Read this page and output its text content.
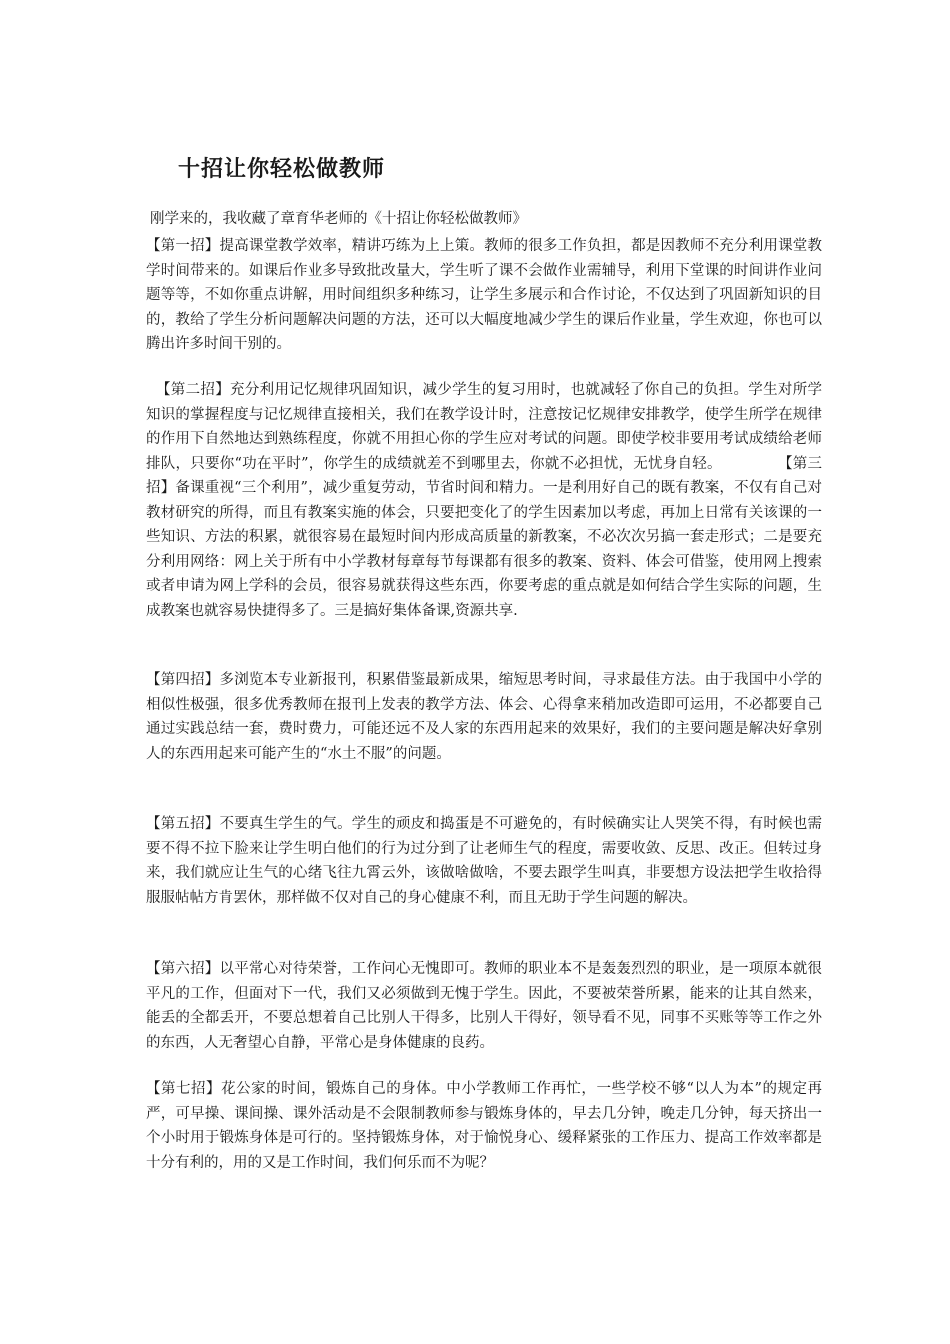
十招让你轻松做教师

刚学来的，我收藏了章育华老师的《十招让你轻松做教师》

【第一招】提高课堂教学效率，精讲巧练为上上策。教师的很多工作负担，都是因教师不充分利用课堂教学时间带来的。如课后作业多导致批改量大，学生听了课不会做作业需辅导，利用下堂课的时间讲作业问题等等，不如你重点讲解，用时间组织多种练习，让学生多展示和合作讨论，不仅达到了巩固新知识的目的，教给了学生分析问题解决问题的方法，还可以大幅度地减少学生的课后作业量，学生欢迎，你也可以腾出许多时间干别的。

【第二招】充分利用记忆规律巩固知识，减少学生的复习用时，也就减轻了你自己的负担。学生对所学知识的掌握程度与记忆规律直接相关，我们在教学设计时，注意按记忆规律安排教学，使学生所学在规律的作用下自然地达到熟练程度，你就不用担心你的学生应对考试的问题。即使学校非要用考试成绩给老师排队，只要你“功在平时”，你学生的成绩就差不到哪里去，你就不必担忧，无忧身自轻。	【第三招】备课重视“三个利用”，减少重复劳动，节省时间和精力。一是利用好自己的既有教案，不仅有自己对教材研究的所得，而且有教案实施的体会，只要把变化了的学生因素加以考虑，再加上日常有关该课的一些知识、方法的积累，就很容易在最短时间内形成高质量的新教案，不必次次另搞一套走形式；二是要充分利用网络：网上关于所有中小学教材每章每节每课都有很多的教案、资料、体会可借鉴，使用网上搜索或者申请为网上学科的会员，很容易就获得这些东西，你要考虑的重点就是如何结合学生实际的问题，生成教案也就容易快捷得多了。三是搞好集体备课,资源共享.

【第四招】多浏览本专业新报刊，积累借鉴最新成果，缩短思考时间，寻求最佳方法。由于我国中小学的相似性极强，很多优秀教师在报刊上发表的教学方法、体会、心得拿来稍加改造即可运用，不必都要自己通过实践总结一套，费时费力，可能还远不及人家的东西用起来的效果好，我们的主要问题是解决好拿别人的东西用起来可能产生的“水土不服”的问题。

【第五招】不要真生学生的气。学生的顽皮和捣蛋是不可避免的，有时候确实让人哭笑不得，有时候也需要不得不拉下脸来让学生明白他们的行为过分到了让老师生气的程度，需要收敛、反思、改正。但转过身来，我们就应让生气的心绪飞往九霄云外，该做啥做啥，不要去跟学生叫真，非要想方设法把学生收拾得服服帖帖方肯罢休，那样做不仅对自己的身心健康不利，而且无助于学生问题的解决。

【第六招】以平常心对待荣誉，工作问心无愧即可。教师的职业本不是轰轰烈烈的职业，是一项原本就很平凡的工作，但面对下一代，我们又必须做到无愧于学生。因此，不要被荣誉所累，能来的让其自然来，能丢的全都丢开，不要总想着自己比别人干得多，比别人干得好，领导看不见，同事不买账等等工作之外的东西，人无奢望心自静，平常心是身体健康的良药。

【第七招】花公家的时间，锻炼自己的身体。中小学教师工作再忙，一些学校不够“以人为本”的规定再严，可早操、课间操、课外活动是不会限制教师参与锻炼身体的，早去几分钟，晚走几分钟，每天挤出一个小时用于锻炼身体是可行的。坚持锻炼身体，对于愉悦身心、缓释紧张的工作压力、提高工作效率都是十分有利的，用的又是工作时间，我们何乐而不为呢？
